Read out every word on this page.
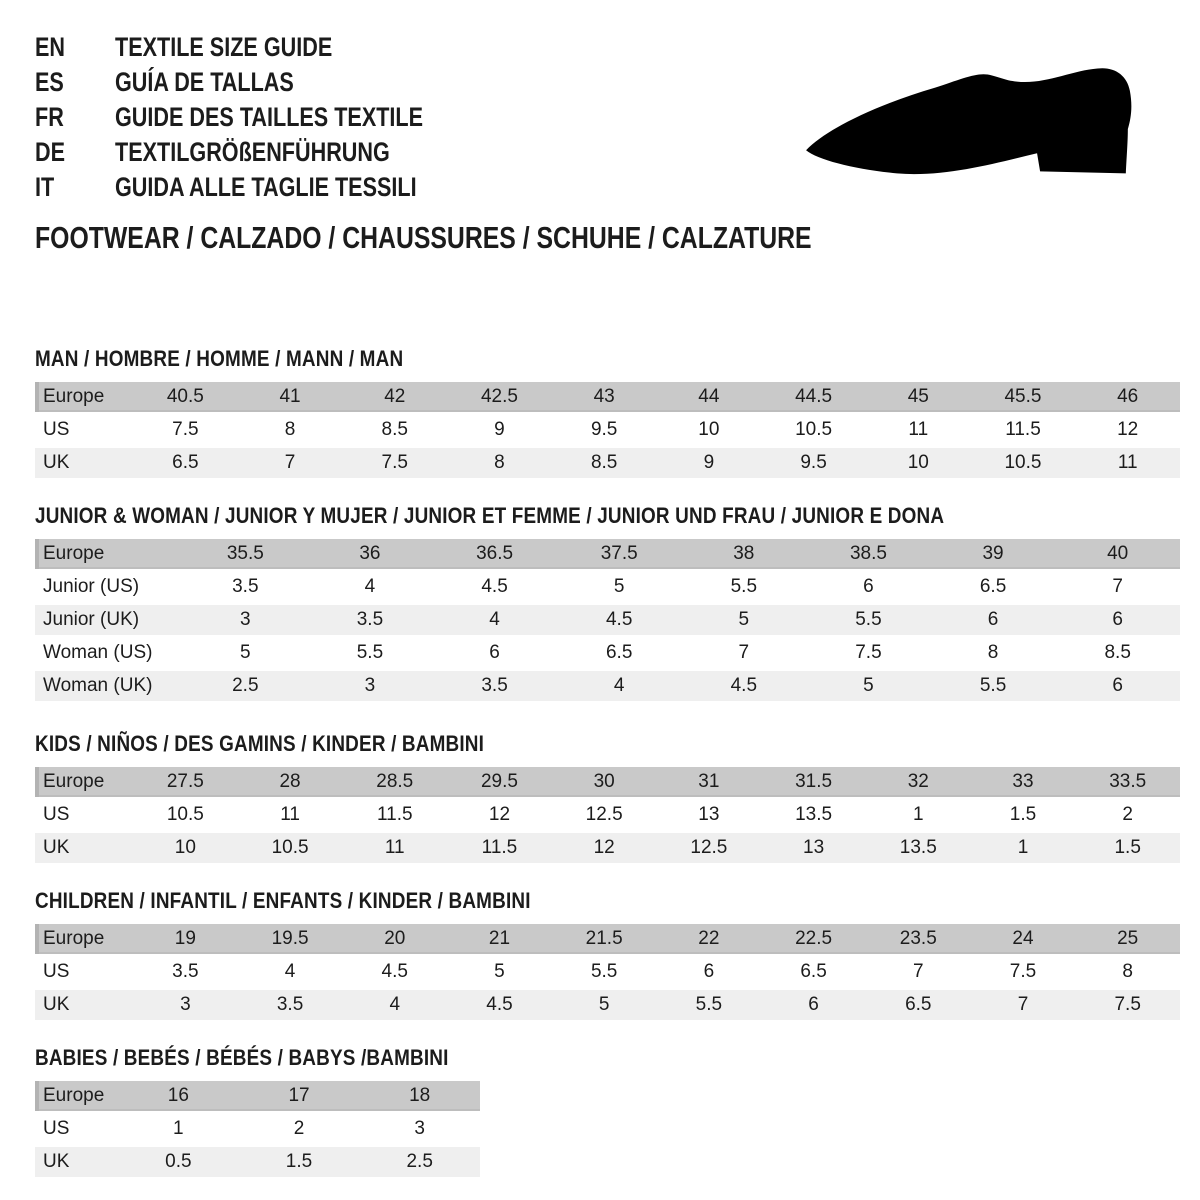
EN TEXTILE SIZE GUIDE
ES GUÍA DE TALLAS
FR GUIDE DES TAILLES TEXTILE
DE TEXTILGRÖßENFÜHRUNG
IT GUIDA ALLE TAGLIE TESSILI
FOOTWEAR / CALZADO / CHAUSSURES / SCHUHE / CALZATURE
MAN / HOMBRE / HOMME / MANN / MAN
Europe	40.5	41	42	42.5	43	44	44.5	45	45.5	46
US	7.5	8	8.5	9	9.5	10	10.5	11	11.5	12
UK	6.5	7	7.5	8	8.5	9	9.5	10	10.5	11
JUNIOR & WOMAN / JUNIOR Y MUJER / JUNIOR ET FEMME / JUNIOR UND FRAU / JUNIOR E DONA
Europe	35.5	36	36.5	37.5	38	38.5	39	40
Junior (US)	3.5	4	4.5	5	5.5	6	6.5	7
Junior (UK)	3	3.5	4	4.5	5	5.5	6	6
Woman (US)	5	5.5	6	6.5	7	7.5	8	8.5
Woman (UK)	2.5	3	3.5	4	4.5	5	5.5	6
KIDS / NIÑOS / DES GAMINS / KINDER / BAMBINI
Europe	27.5	28	28.5	29.5	30	31	31.5	32	33	33.5
US	10.5	11	11.5	12	12.5	13	13.5	1	1.5	2
UK	10	10.5	11	11.5	12	12.5	13	13.5	1	1.5
CHILDREN / INFANTIL / ENFANTS / KINDER / BAMBINI
Europe	19	19.5	20	21	21.5	22	22.5	23.5	24	25
US	3.5	4	4.5	5	5.5	6	6.5	7	7.5	8
UK	3	3.5	4	4.5	5	5.5	6	6.5	7	7.5
BABIES / BEBÉS / BÉBÉS / BABYS /BAMBINI
Europe	16	17	18
US	1	2	3
UK	0.5	1.5	2.5
